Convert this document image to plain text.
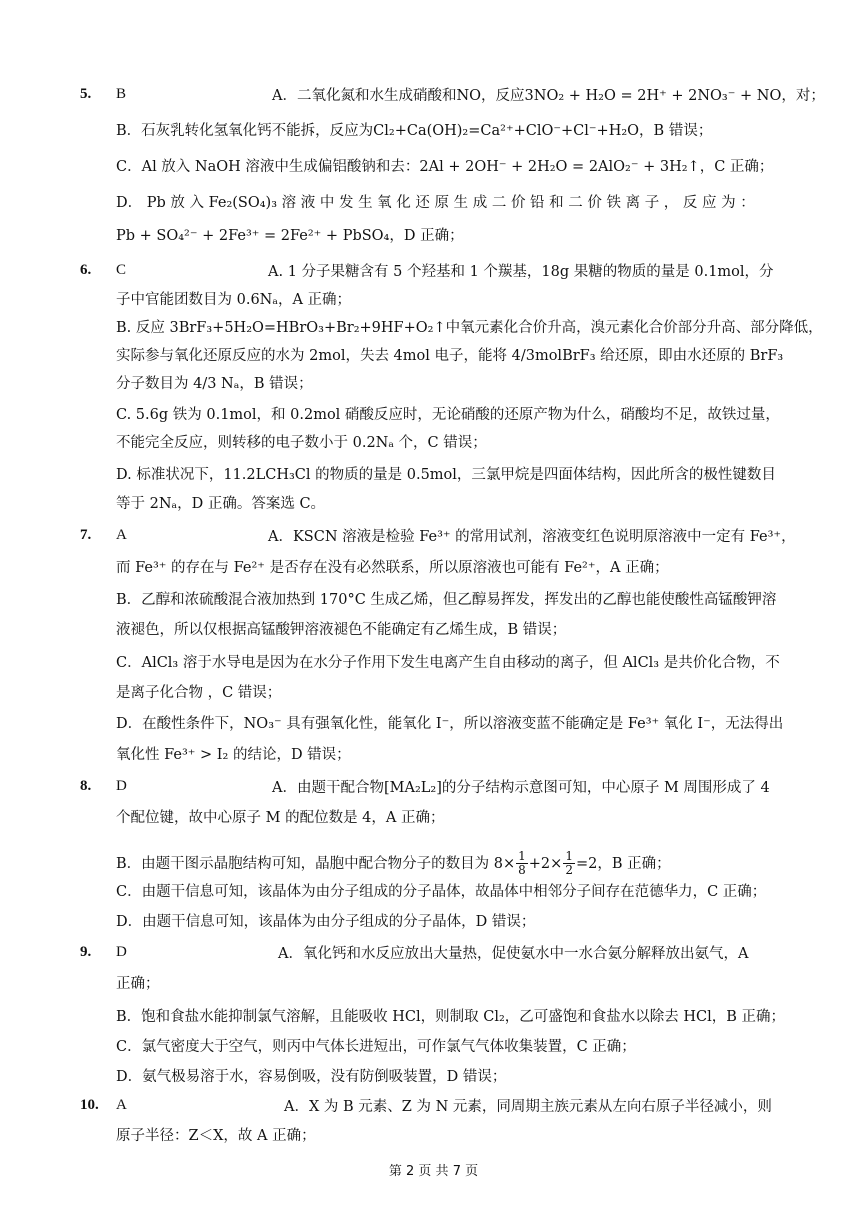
5. B	A．二氧化氮和水生成硝酸和NO，反应3NO₂ + H₂O = 2H⁺ + 2NO₃⁻ + NO，对；
B．石灰乳转化氢氧化钙不能拆，反应为Cl₂+Ca(OH)₂=Ca²⁺+ClO⁻+Cl⁻+H₂O，B 错误；
C．Al 放入 NaOH 溶液中生成偏铝酸钠和去：2Al + 2OH⁻ + 2H₂O = 2AlO₂⁻ + 3H₂↑，C 正确；
D． Pb 放 入 Fe₂(SO₄)₃ 溶 液 中 发 生 氧 化 还 原 生 成 二 价 铅 和 二 价 铁 离 子 ， 反 应 为 ：
Pb + SO₄²⁻ + 2Fe³⁺ = 2Fe²⁺ + PbSO₄，D 正确；
6. C	A. 1 分子果糖含有 5 个羟基和 1 个羰基，18g 果糖的物质的量是 0.1mol，分
子中官能团数目为 0.6Nₐ，A 正确；
B. 反应 3BrF₃+5H₂O=HBrO₃+Br₂+9HF+O₂↑中氧元素化合价升高，溴元素化合价部分升高、部分降低，
实际参与氧化还原反应的水为 2mol，失去 4mol 电子，能将 4/3molBrF₃ 给还原，即由水还原的 BrF₃
分子数目为 4/3 Nₐ，B 错误；
C. 5.6g 铁为 0.1mol，和 0.2mol 硝酸反应时，无论硝酸的还原产物为什么，硝酸均不足，故铁过量，
不能完全反应，则转移的电子数小于 0.2Nₐ 个，C 错误；
D. 标准状况下，11.2LCH₃Cl 的物质的量是 0.5mol，三氯甲烷是四面体结构，因此所含的极性键数目
等于 2Nₐ，D 正确。答案选 C。
7. A	A．KSCN 溶液是检验 Fe³⁺ 的常用试剂，溶液变红色说明原溶液中一定有 Fe³⁺，
而 Fe³⁺ 的存在与 Fe²⁺ 是否存在没有必然联系，所以原溶液也可能有 Fe²⁺，A 正确；
B．乙醇和浓硫酸混合液加热到 170°C 生成乙烯，但乙醇易挥发，挥发出的乙醇也能使酸性高锰酸钾溶
液褪色，所以仅根据高锰酸钾溶液褪色不能确定有乙烯生成，B 错误；
C．AlCl₃ 溶于水导电是因为在水分子作用下发生电离产生自由移动的离子，但 AlCl₃ 是共价化合物，不
是离子化合物 ，C 错误；
D．在酸性条件下，NO₃⁻ 具有强氧化性，能氧化 I⁻，所以溶液变蓝不能确定是 Fe³⁺ 氧化 I⁻，无法得出
氧化性 Fe³⁺ > I₂ 的结论，D 错误；
8. D	A．由题干配合物[MA₂L₂]的分子结构示意图可知，中心原子 M 周围形成了 4
个配位键，故中心原子 M 的配位数是 4，A 正确；
B．由题干图示晶胞结构可知，晶胞中配合物分子的数目为 $8\times \frac{1}{8} +2\times \frac{1}{2} =2$，B 正确；
C．由题干信息可知，该晶体为由分子组成的分子晶体，故晶体中相邻分子间存在范德华力，C 正确；
D．由题干信息可知，该晶体为由分子组成的分子晶体，D 错误；
9. D	A．氧化钙和水反应放出大量热，促使氨水中一水合氨分解释放出氨气，A
正确；
B．饱和食盐水能抑制氯气溶解，且能吸收 HCl，则制取 Cl₂，乙可盛饱和食盐水以除去 HCl，B 正确；
C．氯气密度大于空气，则丙中气体长进短出，可作氯气气体收集装置，C 正确；
D．氨气极易溶于水，容易倒吸，没有防倒吸装置，D 错误；
10. A	A．X 为 B 元素、Z 为 N 元素，同周期主族元素从左向右原子半径减小，则
原子半径：Z＜X，故 A 正确；
第 2 页 共 7 页
